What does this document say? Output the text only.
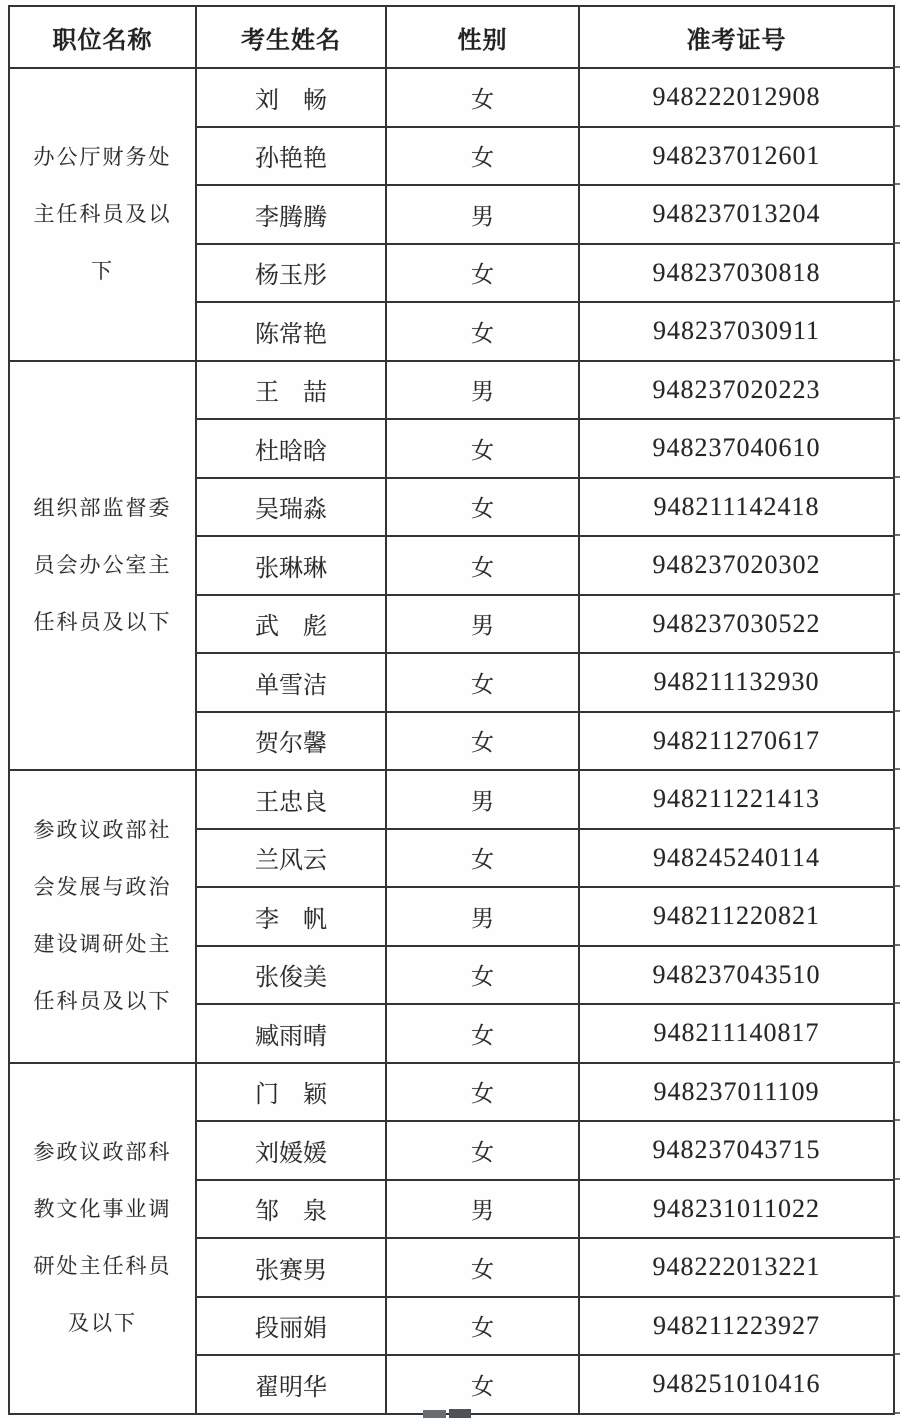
职位名称	考生姓名	性别	准考证号

办公厅财务处
主任科员及以
下	刘　畅	女	948222012908
	孙艳艳	女	948237012601
	李腾腾	男	948237013204
	杨玉彤	女	948237030818
	陈常艳	女	948237030911

组织部监督委
员会办公室主
任科员及以下	王　喆	男	948237020223
	杜晗晗	女	948237040610
	吴瑞淼	女	948211142418
	张琳琳	女	948237020302
	武　彪	男	948237030522
	单雪洁	女	948211132930
	贺尔馨	女	948211270617

参政议政部社
会发展与政治
建设调研处主
任科员及以下	王忠良	男	948211221413
	兰风云	女	948245240114
	李　帆	男	948211220821
	张俊美	女	948237043510
	臧雨晴	女	948211140817

参政议政部科
教文化事业调
研处主任科员
及以下	门　颖	女	948237011109
	刘媛媛	女	948237043715
	邹　泉	男	948231011022
	张赛男	女	948222013221
	段丽娟	女	948211223927
	翟明华	女	948251010416
